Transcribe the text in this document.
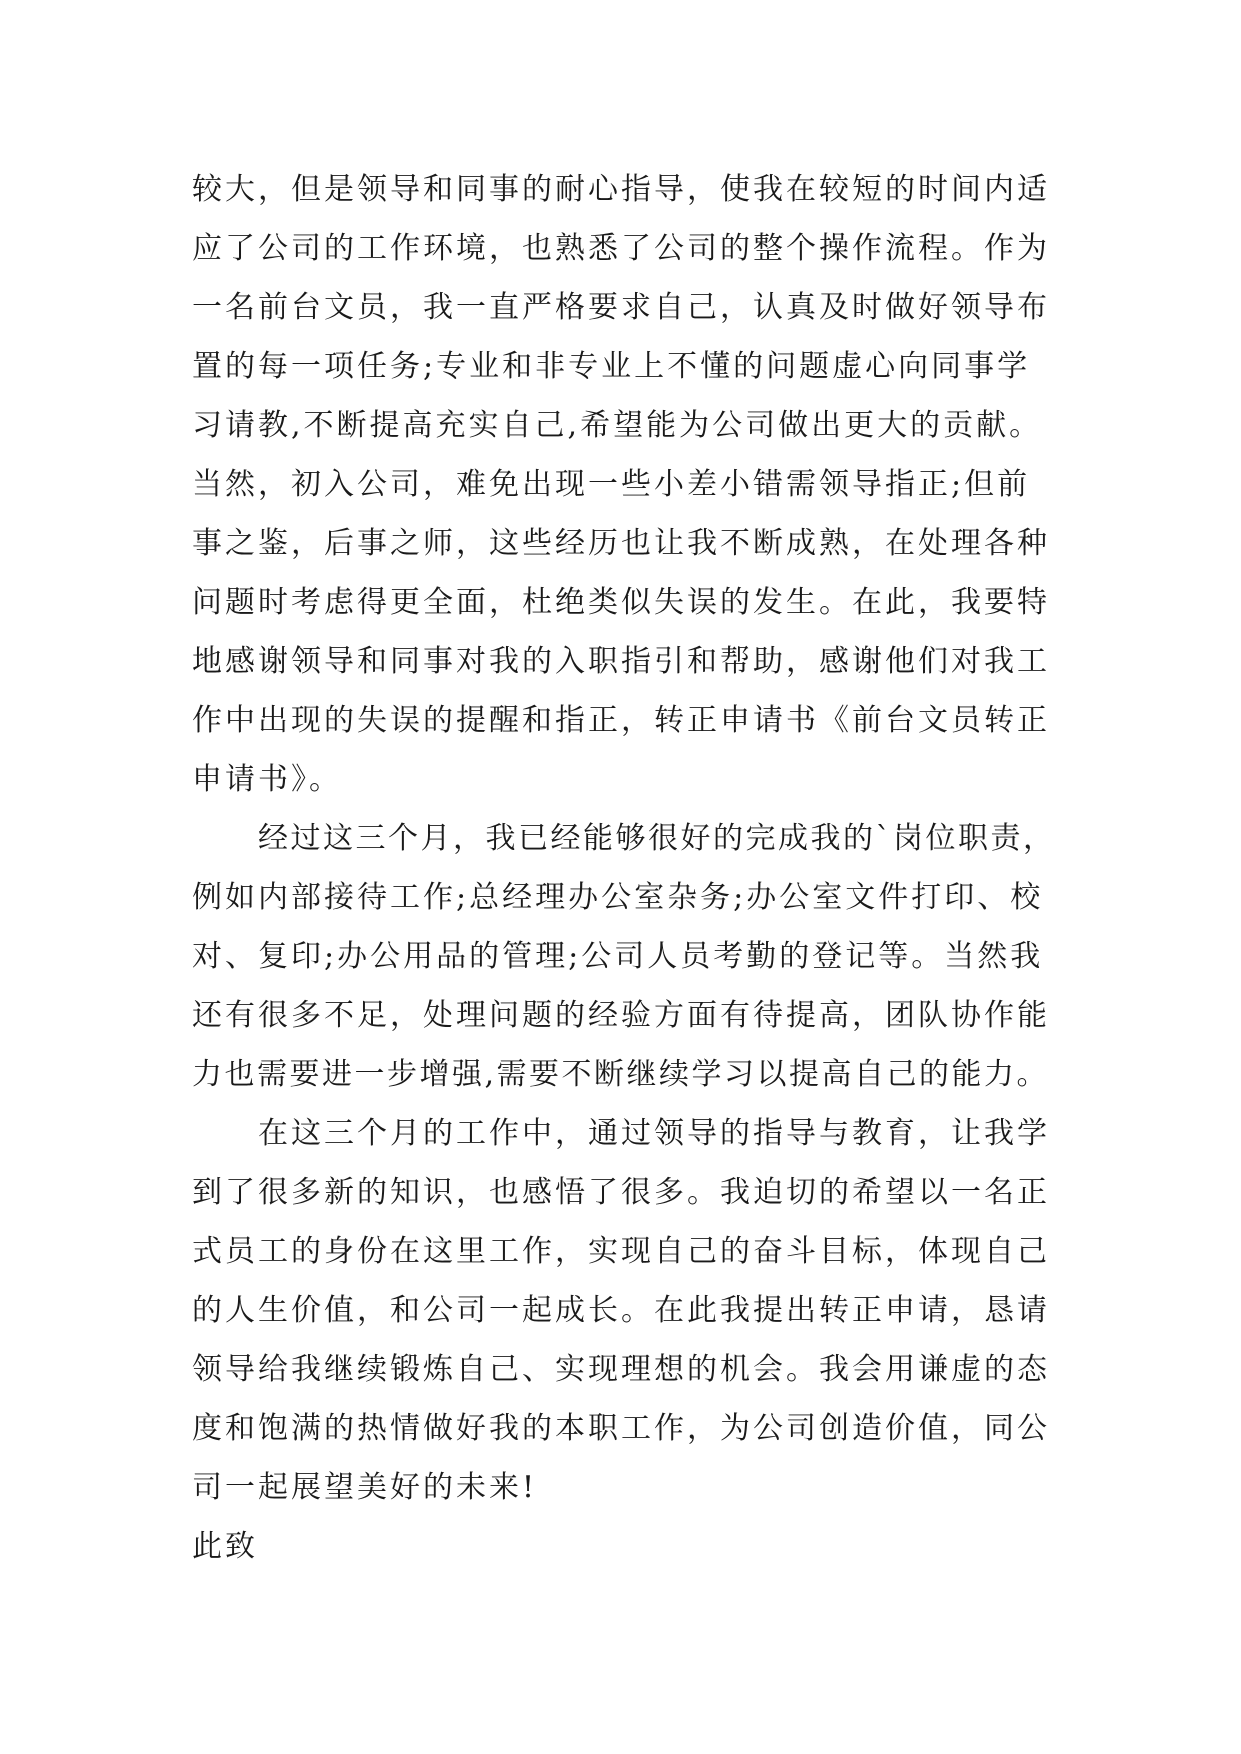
较大，但是领导和同事的耐心指导，使我在较短的时间内适
应了公司的工作环境，也熟悉了公司的整个操作流程。作为
一名前台文员，我一直严格要求自己，认真及时做好领导布
置的每一项任务;专业和非专业上不懂的问题虚心向同事学
习请教,不断提高充实自己,希望能为公司做出更大的贡献。
当然，初入公司，难免出现一些小差小错需领导指正;但前
事之鉴，后事之师，这些经历也让我不断成熟，在处理各种
问题时考虑得更全面，杜绝类似失误的发生。在此，我要特
地感谢领导和同事对我的入职指引和帮助，感谢他们对我工
作中出现的失误的提醒和指正，转正申请书《前台文员转正
申请书》。
经过这三个月，我已经能够很好的完成我的`岗位职责，
例如内部接待工作;总经理办公室杂务;办公室文件打印、校
对、复印;办公用品的管理;公司人员考勤的登记等。当然我
还有很多不足，处理问题的经验方面有待提高，团队协作能
力也需要进一步增强,需要不断继续学习以提高自己的能力。
在这三个月的工作中，通过领导的指导与教育，让我学
到了很多新的知识，也感悟了很多。我迫切的希望以一名正
式员工的身份在这里工作，实现自己的奋斗目标，体现自己
的人生价值，和公司一起成长。在此我提出转正申请，恳请
领导给我继续锻炼自己、实现理想的机会。我会用谦虚的态
度和饱满的热情做好我的本职工作，为公司创造价值，同公
司一起展望美好的未来!
此致
